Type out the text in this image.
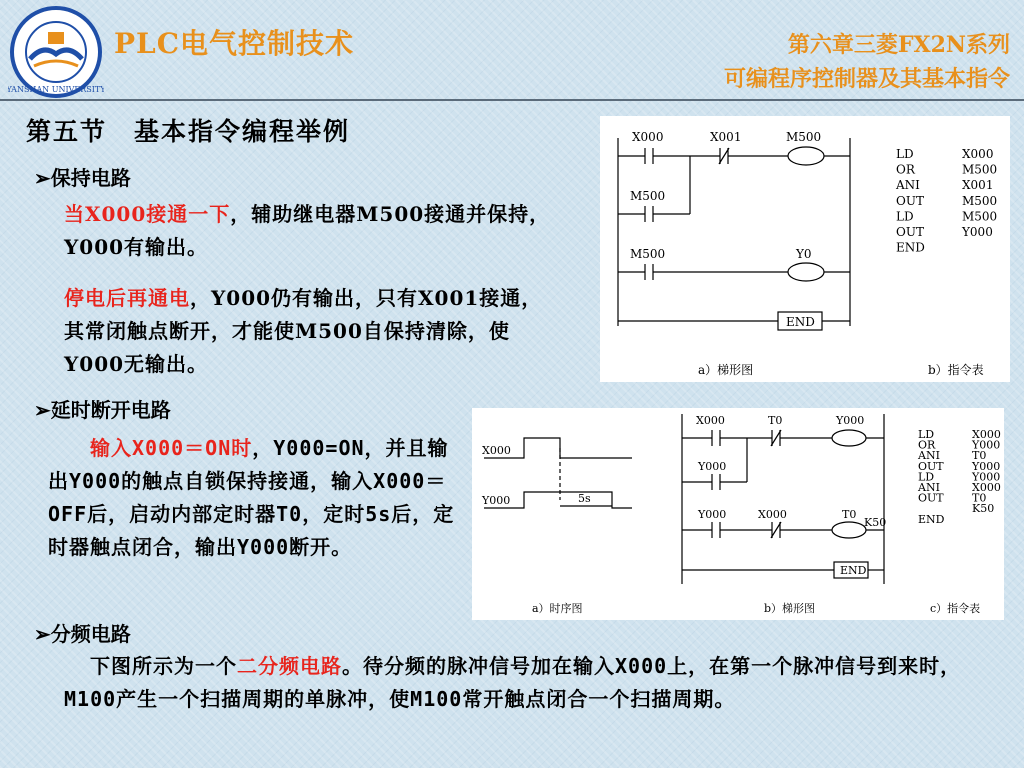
YANSHAN UNIVERSITY
PLC电气控制技术	第六章三菱FX2N系列
可编程序控制器及其基本指令
第五节　基本指令编程举例
➢保持电路
当X000接通一下，辅助继电器M500接通并保持，Y000有输出。
停电后再通电，Y000仍有输出，只有X001接通，其常闭触点断开，才能使M500自保持清除，使Y000无输出。
X000	X001	M500
M500
M500	Y0
END
a）梯形图	b）指令表
LD	X000
OR	M500
ANI	X001
OUT	M500
LD	M500
OUT	Y000
END
➢延时断开电路
输入X000＝ON时，Y000=ON，并且输出Y000的触点自锁保持接通，输入X000＝OFF后，启动内部定时器T0，定时5s后，定时器触点闭合，输出Y000断开。
X000
Y000	5s
a）时序图
X000	T0	Y000
Y000
Y000	X000	T0
K50
END
b）梯形图	c）指令表
LD	X000
OR	Y000
ANI	T0
OUT	Y000
LD	Y000
ANI	X000
OUT	T0
K50
END
➢分频电路
下图所示为一个二分频电路。待分频的脉冲信号加在输入X000上，在第一个脉冲信号到来时，M100产生一个扫描周期的单脉冲，使M100常开触点闭合一个扫描周期。
